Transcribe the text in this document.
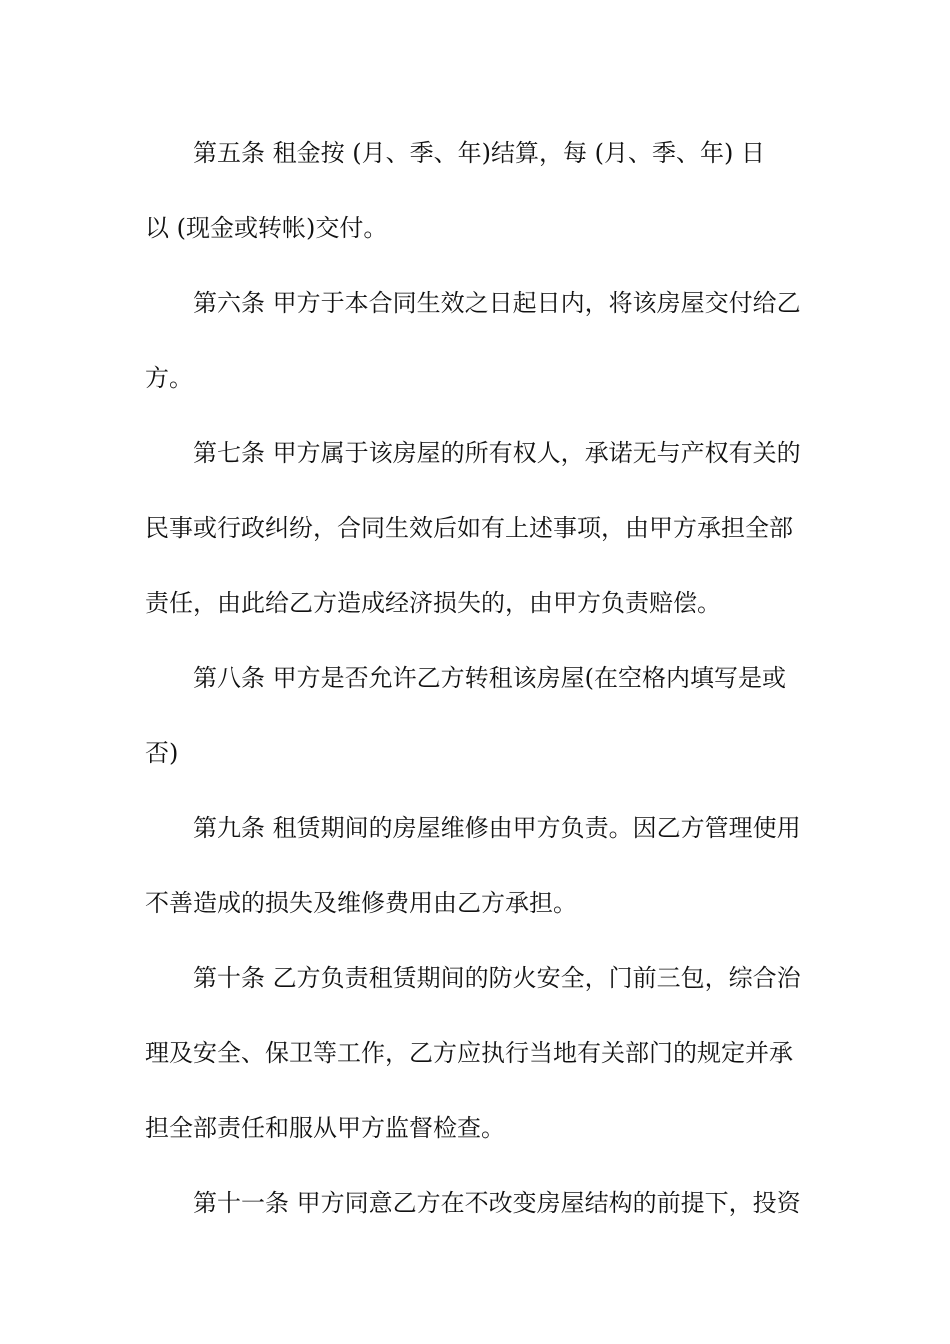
第五条 租金按 (月、季、年)结算，每 (月、季、年) 日
以 (现金或转帐)交付。
第六条 甲方于本合同生效之日起日内，将该房屋交付给乙
方。
第七条 甲方属于该房屋的所有权人，承诺无与产权有关的
民事或行政纠纷，合同生效后如有上述事项，由甲方承担全部
责任，由此给乙方造成经济损失的，由甲方负责赔偿。
第八条 甲方是否允许乙方转租该房屋(在空格内填写是或
否)
第九条 租赁期间的房屋维修由甲方负责。因乙方管理使用
不善造成的损失及维修费用由乙方承担。
第十条 乙方负责租赁期间的防火安全，门前三包，综合治
理及安全、保卫等工作，乙方应执行当地有关部门的规定并承
担全部责任和服从甲方监督检查。
第十一条 甲方同意乙方在不改变房屋结构的前提下，投资
